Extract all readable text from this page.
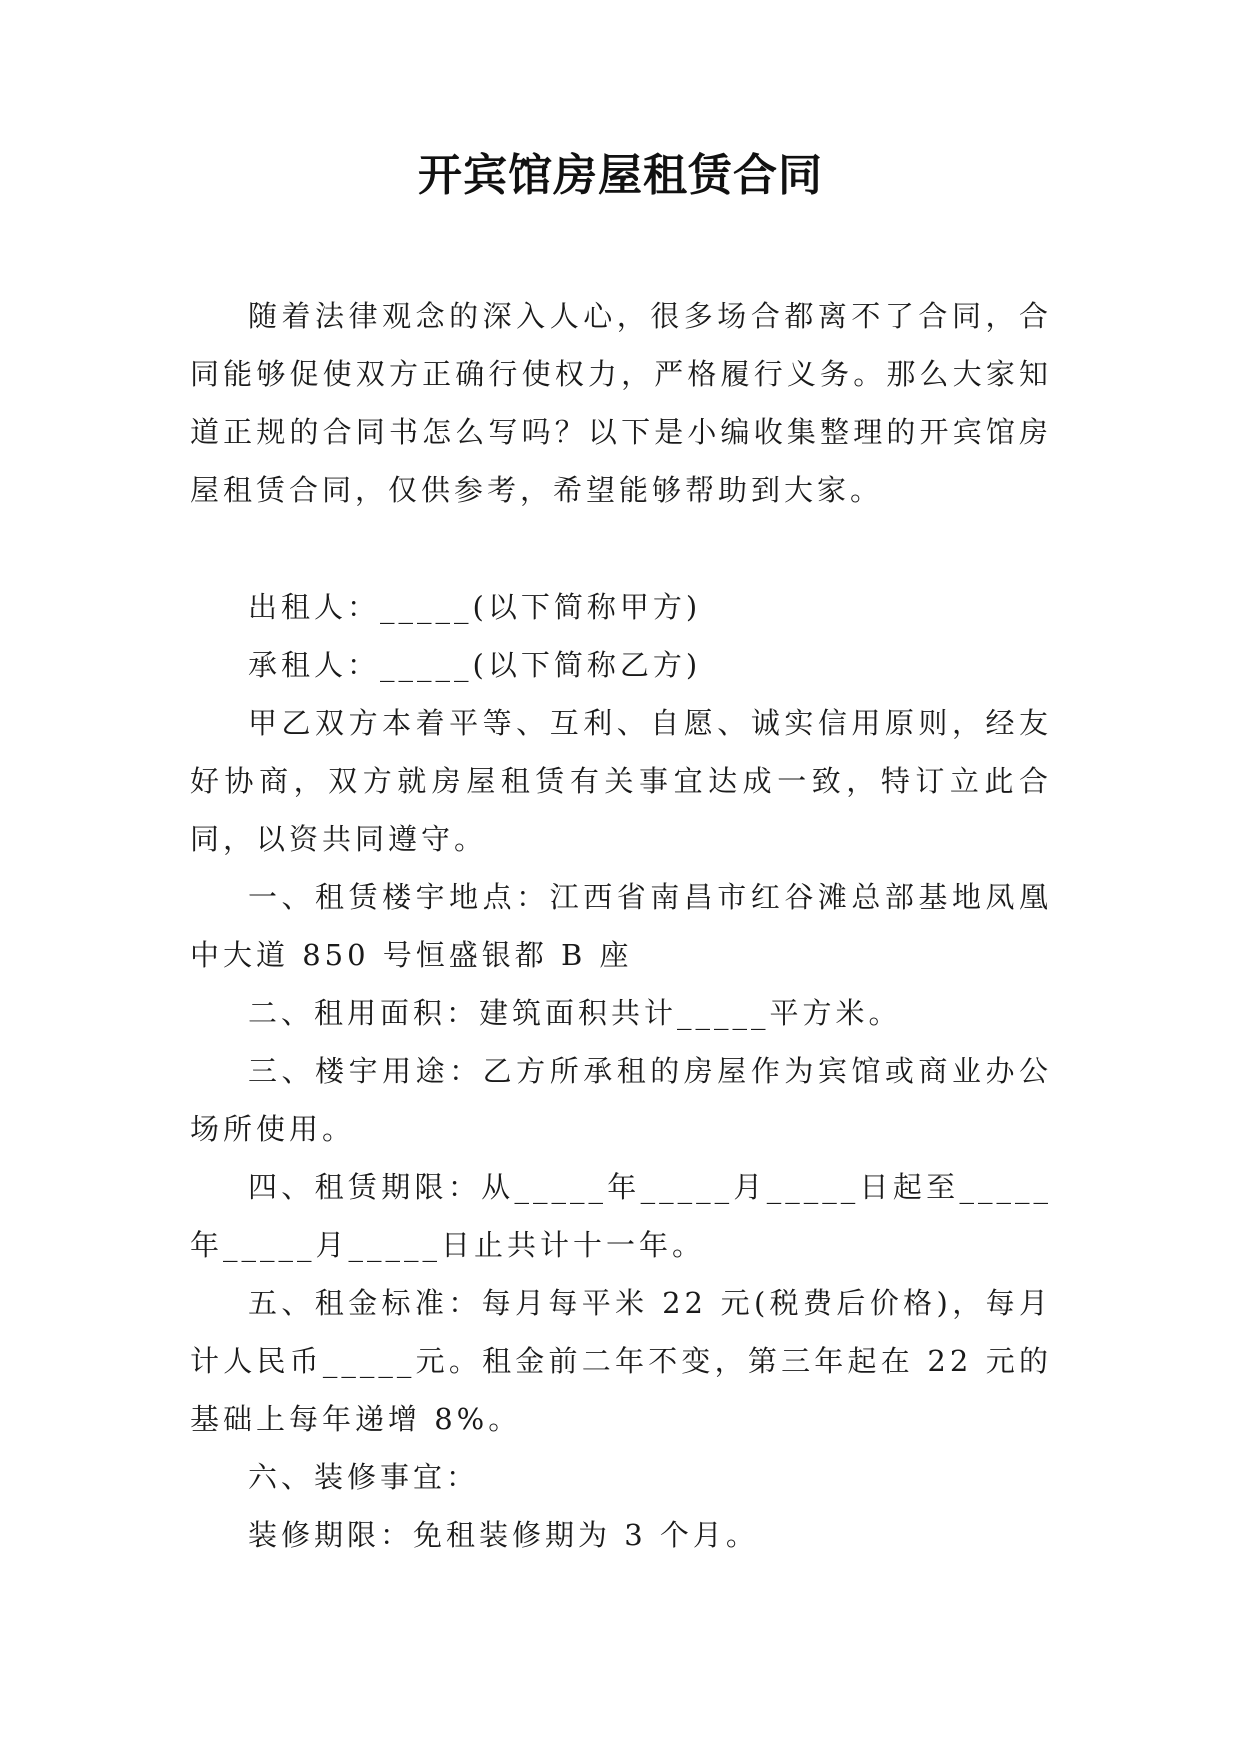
开宾馆房屋租赁合同

随着法律观念的深入人心，很多场合都离不了合同，合同能够促使双方正确行使权力，严格履行义务。那么大家知道正规的合同书怎么写吗？以下是小编收集整理的开宾馆房屋租赁合同，仅供参考，希望能够帮助到大家。

出租人：_____(以下简称甲方)

承租人：_____(以下简称乙方)

甲乙双方本着平等、互利、自愿、诚实信用原则，经友好协商，双方就房屋租赁有关事宜达成一致，特订立此合同，以资共同遵守。

一、租赁楼宇地点：江西省南昌市红谷滩总部基地凤凰中大道 850 号恒盛银都 B 座

二、租用面积：建筑面积共计_____平方米。

三、楼宇用途：乙方所承租的房屋作为宾馆或商业办公场所使用。

四、租赁期限：从_____年_____月_____日起至_____年_____月_____日止共计十一年。

五、租金标准：每月每平米 22 元(税费后价格)，每月计人民币_____元。租金前二年不变，第三年起在 22 元的基础上每年递增 8%。

六、装修事宜：

装修期限：免租装修期为 3 个月。
